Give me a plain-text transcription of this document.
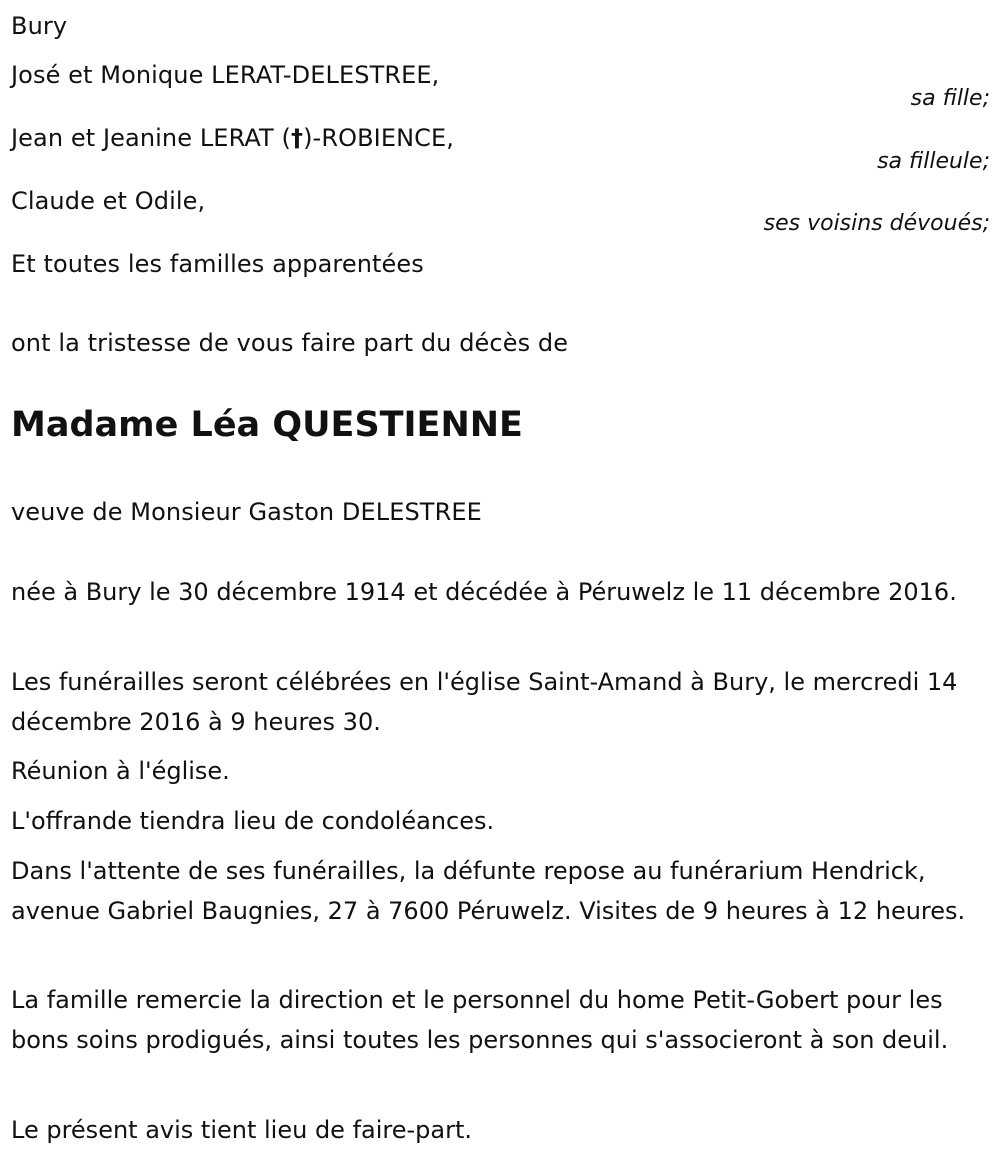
Bury
José et Monique LERAT-DELESTREE,
sa fille;
Jean et Jeanine LERAT (†)-ROBIENCE,
sa filleule;
Claude et Odile,
ses voisins dévoués;
Et toutes les familles apparentées
ont la tristesse de vous faire part du décès de
Madame Léa QUESTIENNE
veuve de Monsieur Gaston DELESTREE
née à Bury le 30 décembre 1914 et décédée à Péruwelz le 11 décembre 2016.
Les funérailles seront célébrées en l'église Saint-Amand à Bury, le mercredi 14 décembre 2016 à 9 heures 30.
Réunion à l'église.
L'offrande tiendra lieu de condoléances.
Dans l'attente de ses funérailles, la défunte repose au funérarium Hendrick, avenue Gabriel Baugnies, 27 à 7600 Péruwelz. Visites de 9 heures à 12 heures.
La famille remercie la direction et le personnel du home Petit-Gobert pour les bons soins prodigués, ainsi toutes les personnes qui s'associeront à son deuil.
Le présent avis tient lieu de faire-part.
